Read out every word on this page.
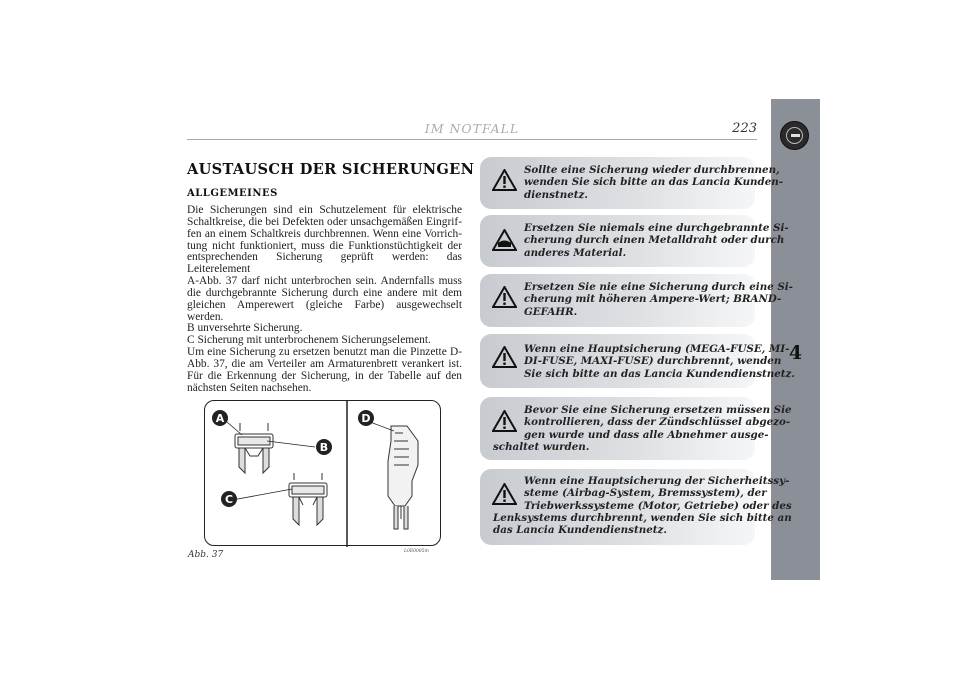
IM NOTFALL	223
4
AUSTAUSCH DER SICHERUNGEN
ALLGEMEINES
Die Sicherungen sind ein Schutzelement für elektrische
Schaltkreise, die bei Defekten oder unsachgemäßen Eingrif-
fen an einem Schaltkreis durchbrennen. Wenn eine Vorrich-
tung nicht funktioniert, muss die Funktionstüchtigkeit der
entsprechenden Sicherung geprüft werden: das Leiterelement
A-Abb. 37 darf nicht unterbrochen sein. Andernfalls muss
die durchgebrannte Sicherung durch eine andere mit dem
gleichen Amperewert (gleiche Farbe) ausgewechselt werden.
B unversehrte Sicherung.
C Sicherung mit unterbrochenem Sicherungselement.
Um eine Sicherung zu ersetzen benutzt man die Pinzette D-
Abb. 37, die am Verteiler am Armaturenbrett verankert ist.
Für die Erkennung der Sicherung, in der Tabelle auf den
nächsten Seiten nachsehen.
A
B
C
D
Abb. 37	L0E0085m
Sollte eine Sicherung wieder durchbrennen,
wenden Sie sich bitte an das Lancia Kunden-
dienstnetz.
Ersetzen Sie niemals eine durchgebrannte Si-
cherung durch einen Metalldraht oder durch
anderes Material.
Ersetzen Sie nie eine Sicherung durch eine Si-
cherung mit höheren Ampere-Wert; BRAND-
GEFAHR.
Wenn eine Hauptsicherung (MEGA-FUSE, MI-
DI-FUSE, MAXI-FUSE) durchbrennt, wenden
Sie sich bitte an das Lancia Kundendienstnetz.
Bevor Sie eine Sicherung ersetzen müssen Sie
kontrollieren, dass der Zündschlüssel abgezo-
gen wurde und dass alle Abnehmer ausge-
schaltet wurden.
Wenn eine Hauptsicherung der Sicherheitssy-
steme (Airbag-System, Bremssystem), der
Triebwerkssysteme (Motor, Getriebe) oder des
Lenksystems durchbrennt, wenden Sie sich bitte an
das Lancia Kundendienstnetz.
